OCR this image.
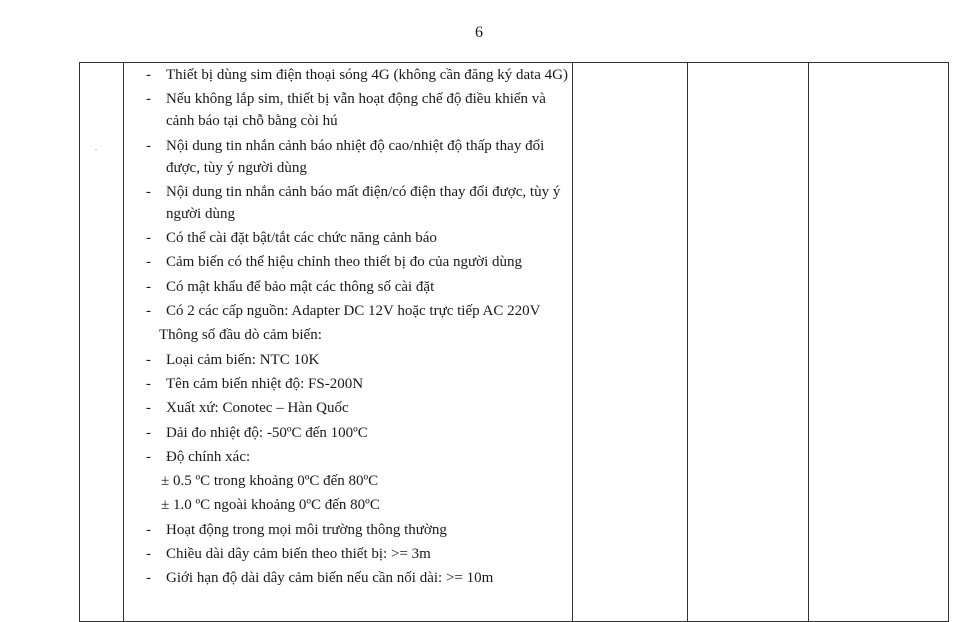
6
.
- Thiết bị dùng sim điện thoại sóng 4G (không cần đăng ký data 4G)
- Nếu không lắp sim, thiết bị vẫn hoạt động chế độ điều khiển và cảnh báo tại chỗ bằng còi hú
- Nội dung tin nhắn cảnh báo nhiệt độ cao/nhiệt độ thấp thay đổi được, tùy ý người dùng
- Nội dung tin nhắn cảnh báo mất điện/có điện thay đổi được, tùy ý người dùng
- Có thể cài đặt bật/tắt các chức năng cảnh báo
- Cảm biến có thể hiệu chỉnh theo thiết bị đo của người dùng
- Có mật khẩu để bảo mật các thông số cài đặt
- Có 2 các cấp nguồn: Adapter DC 12V hoặc trực tiếp AC 220V
Thông số đầu dò cảm biến:
- Loại cảm biến: NTC 10K
- Tên cảm biến nhiệt độ: FS-200N
- Xuất xứ: Conotec – Hàn Quốc
- Dải đo nhiệt độ: -50ºC đến 100ºC
- Độ chính xác:
± 0.5 ºC trong khoảng 0ºC đến 80ºC
± 1.0 ºC ngoài khoảng 0ºC đến 80ºC
- Hoạt động trong mọi môi trường thông thường
- Chiều dài dây cảm biến theo thiết bị: >= 3m
- Giới hạn độ dài dây cảm biến nếu cần nối dài: >= 10m
